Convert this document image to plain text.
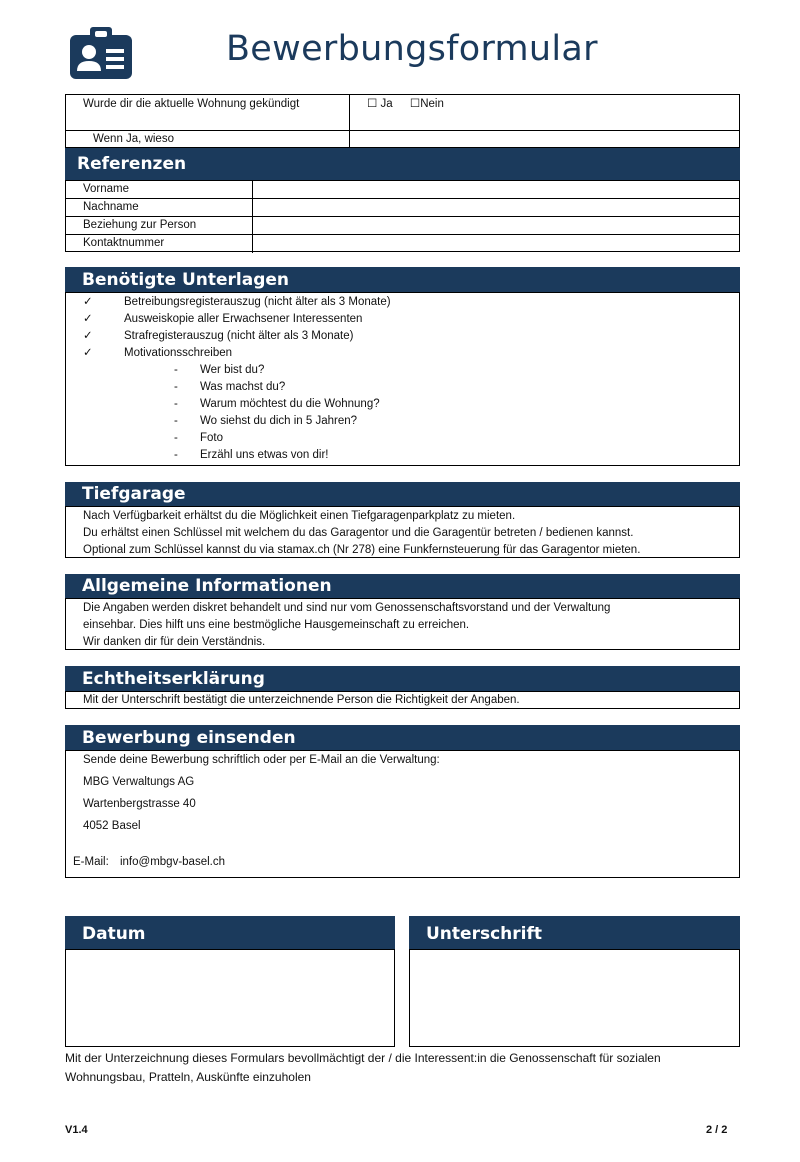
Bewerbungsformular
Wurde dir die aktuelle Wohnung gekündigt	☐ Ja ☐Nein
Wenn Ja, wieso
Referenzen
Vorname
Nachname
Beziehung zur Person
Kontaktnummer
Benötigte Unterlagen
✓	Betreibungsregisterauszug (nicht älter als 3 Monate)
✓	Ausweiskopie aller Erwachsener Interessenten
✓	Strafregisterauszug (nicht älter als 3 Monate)
✓	Motivationsschreiben
- Wer bist du?
- Was machst du?
- Warum möchtest du die Wohnung?
- Wo siehst du dich in 5 Jahren?
- Foto
- Erzähl uns etwas von dir!
Tiefgarage
Nach Verfügbarkeit erhältst du die Möglichkeit einen Tiefgaragenparkplatz zu mieten.
Du erhältst einen Schlüssel mit welchem du das Garagentor und die Garagentür betreten / bedienen kannst.
Optional zum Schlüssel kannst du via stamax.ch (Nr 278) eine Funkfernsteuerung für das Garagentor mieten.
Allgemeine Informationen
Die Angaben werden diskret behandelt und sind nur vom Genossenschaftsvorstand und der Verwaltung
einsehbar. Dies hilft uns eine bestmögliche Hausgemeinschaft zu erreichen.
Wir danken dir für dein Verständnis.
Echtheitserklärung
Mit der Unterschrift bestätigt die unterzeichnende Person die Richtigkeit der Angaben.
Bewerbung einsenden
Sende deine Bewerbung schriftlich oder per E-Mail an die Verwaltung:
MBG Verwaltungs AG
Wartenbergstrasse 40
4052 Basel
E-Mail: info@mbgv-basel.ch
Datum	Unterschrift
Mit der Unterzeichnung dieses Formulars bevollmächtigt der / die Interessent:in die Genossenschaft für sozialen
Wohnungsbau, Pratteln, Auskünfte einzuholen
V1.4	2 / 2
